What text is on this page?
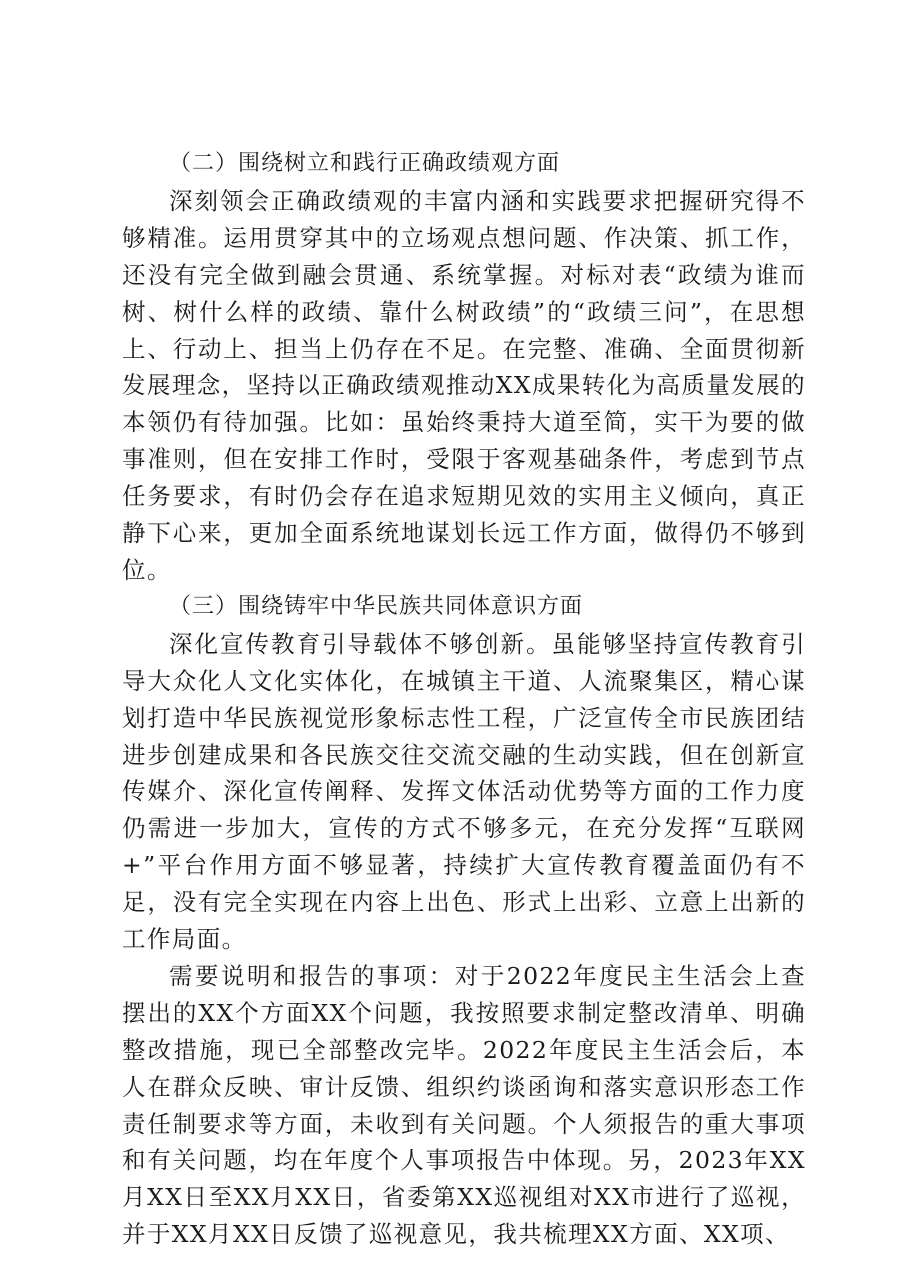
（二）围绕树立和践行正确政绩观方面

深刻领会正确政绩观的丰富内涵和实践要求把握研究得不够精准。运用贯穿其中的立场观点想问题、作决策、抓工作，还没有完全做到融会贯通、系统掌握。对标对表“政绩为谁而树、树什么样的政绩、靠什么树政绩”的“政绩三问”，在思想上、行动上、担当上仍存在不足。在完整、准确、全面贯彻新发展理念，坚持以正确政绩观推动XX成果转化为高质量发展的本领仍有待加强。比如：虽始终秉持大道至简，实干为要的做事准则，但在安排工作时，受限于客观基础条件，考虑到节点任务要求，有时仍会存在追求短期见效的实用主义倾向，真正静下心来，更加全面系统地谋划长远工作方面，做得仍不够到位。

（三）围绕铸牢中华民族共同体意识方面

深化宣传教育引导载体不够创新。虽能够坚持宣传教育引导大众化人文化实体化，在城镇主干道、人流聚集区，精心谋划打造中华民族视觉形象标志性工程，广泛宣传全市民族团结进步创建成果和各民族交往交流交融的生动实践，但在创新宣传媒介、深化宣传阐释、发挥文体活动优势等方面的工作力度仍需进一步加大，宣传的方式不够多元，在充分发挥“互联网+”平台作用方面不够显著，持续扩大宣传教育覆盖面仍有不足，没有完全实现在内容上出色、形式上出彩、立意上出新的工作局面。

需要说明和报告的事项：对于2022年度民主生活会上查摆出的XX个方面XX个问题，我按照要求制定整改清单、明确整改措施，现已全部整改完毕。2022年度民主生活会后，本人在群众反映、审计反馈、组织约谈函询和落实意识形态工作责任制要求等方面，未收到有关问题。个人须报告的重大事项和有关问题，均在年度个人事项报告中体现。另，2023年XX月XX日至XX月XX日，省委第XX巡视组对XX市进行了巡视，并于XX月XX日反馈了巡视意见，我共梳理XX方面、XX项、
